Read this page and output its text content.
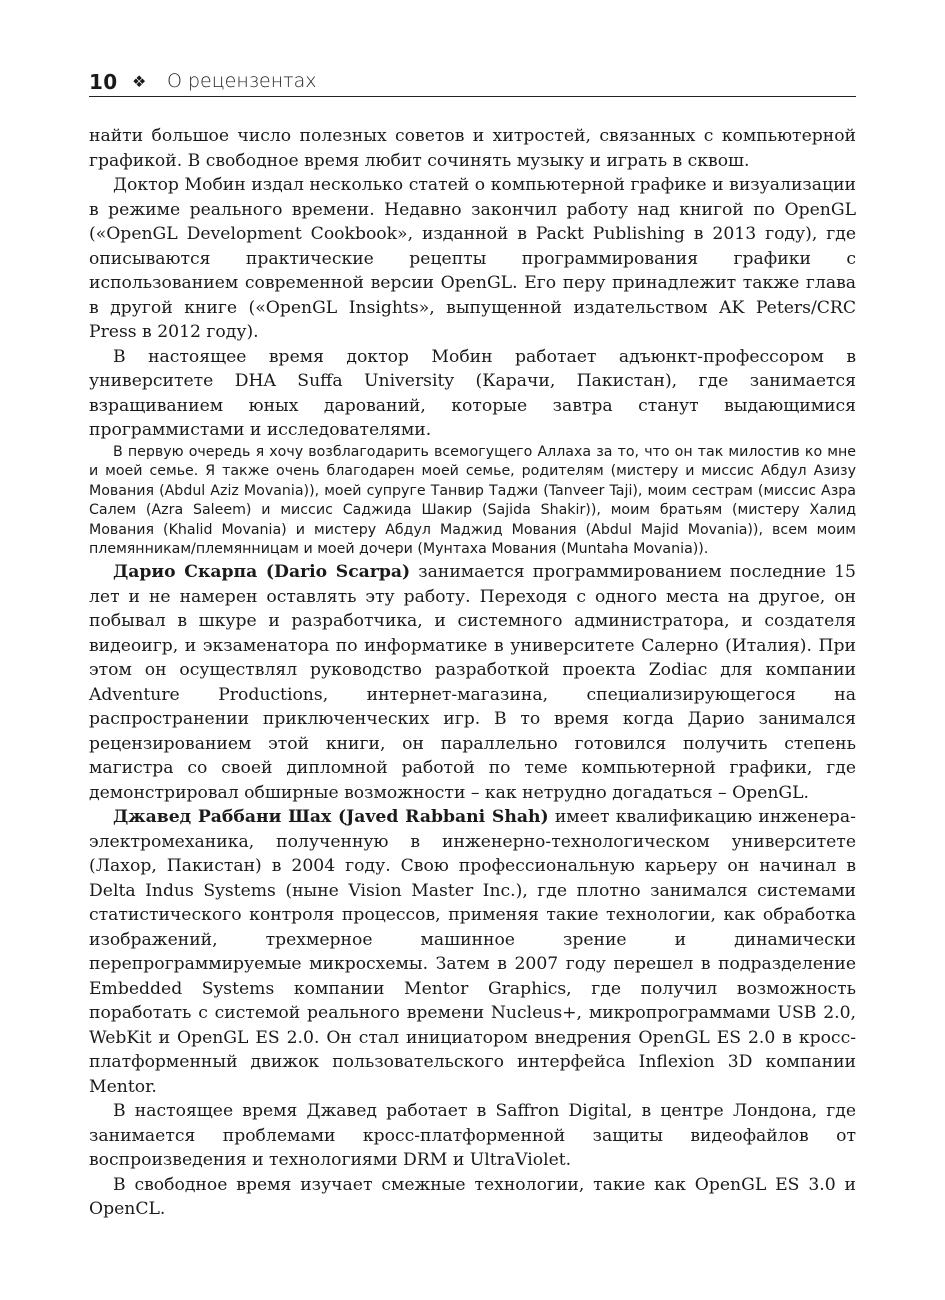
10 ❖ О рецензентах

найти большое число полезных советов и хитростей, связанных с компьютерной графикой. В свободное время любит сочинять музыку и играть в сквош.

Доктор Мобин издал несколько статей о компьютерной графике и визуализации в режиме реального времени. Недавно закончил работу над книгой по OpenGL («OpenGL Development Cookbook», изданной в Packt Publishing в 2013 году), где описываются практические рецепты программирования графики с использованием современной версии OpenGL. Его перу принадлежит также глава в другой книге («OpenGL Insights», выпущенной издательством AK Peters/CRC Press в 2012 году).

В настоящее время доктор Мобин работает адъюнкт-профессором в университете DHA Suffa University (Карачи, Пакистан), где занимается взращиванием юных дарований, которые завтра станут выдающимися программистами и исследователями.

В первую очередь я хочу возблагодарить всемогущего Аллаха за то, что он так милостив ко мне и моей семье. Я также очень благодарен моей семье, родителям (мистеру и миссис Абдул Азизу Мования (Abdul Aziz Movania)), моей супруге Танвир Таджи (Tanveer Taji), моим сестрам (миссис Азра Салем (Azra Saleem) и миссис Саджида Шакир (Sajida Shakir)), моим братьям (мистеру Халид Мования (Khalid Movania) и мистеру Абдул Маджид Мования (Abdul Majid Movania)), всем моим племянникам/племянницам и моей дочери (Мунтаха Мования (Muntaha Movania)).

Дарио Скарпа (Dario Scarpa) занимается программированием последние 15 лет и не намерен оставлять эту работу. Переходя с одного места на другое, он побывал в шкуре и разработчика, и системного администратора, и создателя видеоигр, и экзаменатора по информатике в университете Салерно (Италия). При этом он осуществлял руководство разработкой проекта Zodiac для компании Adventure Productions, интернет-магазина, специализирующегося на распространении приключенческих игр. В то время когда Дарио занимался рецензированием этой книги, он параллельно готовился получить степень магистра со своей дипломной работой по теме компьютерной графики, где демонстрировал обширные возможности – как нетрудно догадаться – OpenGL.

Джавед Раббани Шах (Javed Rabbani Shah) имеет квалификацию инженера-электромеханика, полученную в инженерно-технологическом университете (Лахор, Пакистан) в 2004 году. Свою профессиональную карьеру он начинал в Delta Indus Systems (ныне Vision Master Inc.), где плотно занимался системами статистического контроля процессов, применяя такие технологии, как обработка изображений, трехмерное машинное зрение и динамически перепрограммируемые микросхемы. Затем в 2007 году перешел в подразделение Embedded Systems компании Mentor Graphics, где получил возможность поработать с системой реального времени Nucleus+, микропрограммами USB 2.0, WebKit и OpenGL ES 2.0. Он стал инициатором внедрения OpenGL ES 2.0 в кросс-платформенный движок пользовательского интерфейса Inflexion 3D компании Mentor.

В настоящее время Джавед работает в Saffron Digital, в центре Лондона, где занимается проблемами кросс-платформенной защиты видеофайлов от воспроизведения и технологиями DRM и UltraViolet.

В свободное время изучает смежные технологии, такие как OpenGL ES 3.0 и OpenCL.
